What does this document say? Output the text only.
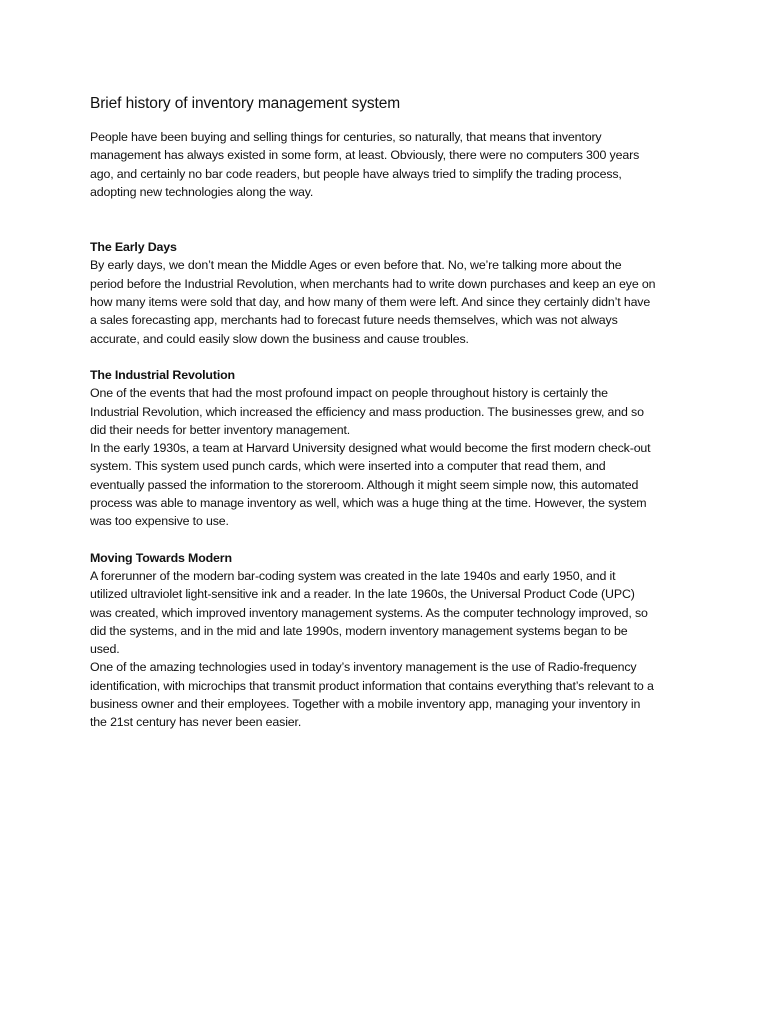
Brief history of inventory management system

People have been buying and selling things for centuries, so naturally, that means that inventory management has always existed in some form, at least. Obviously, there were no computers 300 years ago, and certainly no bar code readers, but people have always tried to simplify the trading process, adopting new technologies along the way.

The Early Days

By early days, we don’t mean the Middle Ages or even before that. No, we’re talking more about the period before the Industrial Revolution, when merchants had to write down purchases and keep an eye on how many items were sold that day, and how many of them were left. And since they certainly didn’t have a sales forecasting app, merchants had to forecast future needs themselves, which was not always accurate, and could easily slow down the business and cause troubles.

The Industrial Revolution

One of the events that had the most profound impact on people throughout history is certainly the Industrial Revolution, which increased the efficiency and mass production. The businesses grew, and so did their needs for better inventory management.

In the early 1930s, a team at Harvard University designed what would become the first modern check-out system. This system used punch cards, which were inserted into a computer that read them, and eventually passed the information to the storeroom. Although it might seem simple now, this automated process was able to manage inventory as well, which was a huge thing at the time. However, the system was too expensive to use.

Moving Towards Modern

A forerunner of the modern bar-coding system was created in the late 1940s and early 1950, and it utilized ultraviolet light-sensitive ink and a reader. In the late 1960s, the Universal Product Code (UPC) was created, which improved inventory management systems. As the computer technology improved, so did the systems, and in the mid and late 1990s, modern inventory management systems began to be used.

One of the amazing technologies used in today’s inventory management is the use of Radio-frequency identification, with microchips that transmit product information that contains everything that’s relevant to a business owner and their employees. Together with a mobile inventory app, managing your inventory in the 21st century has never been easier.
